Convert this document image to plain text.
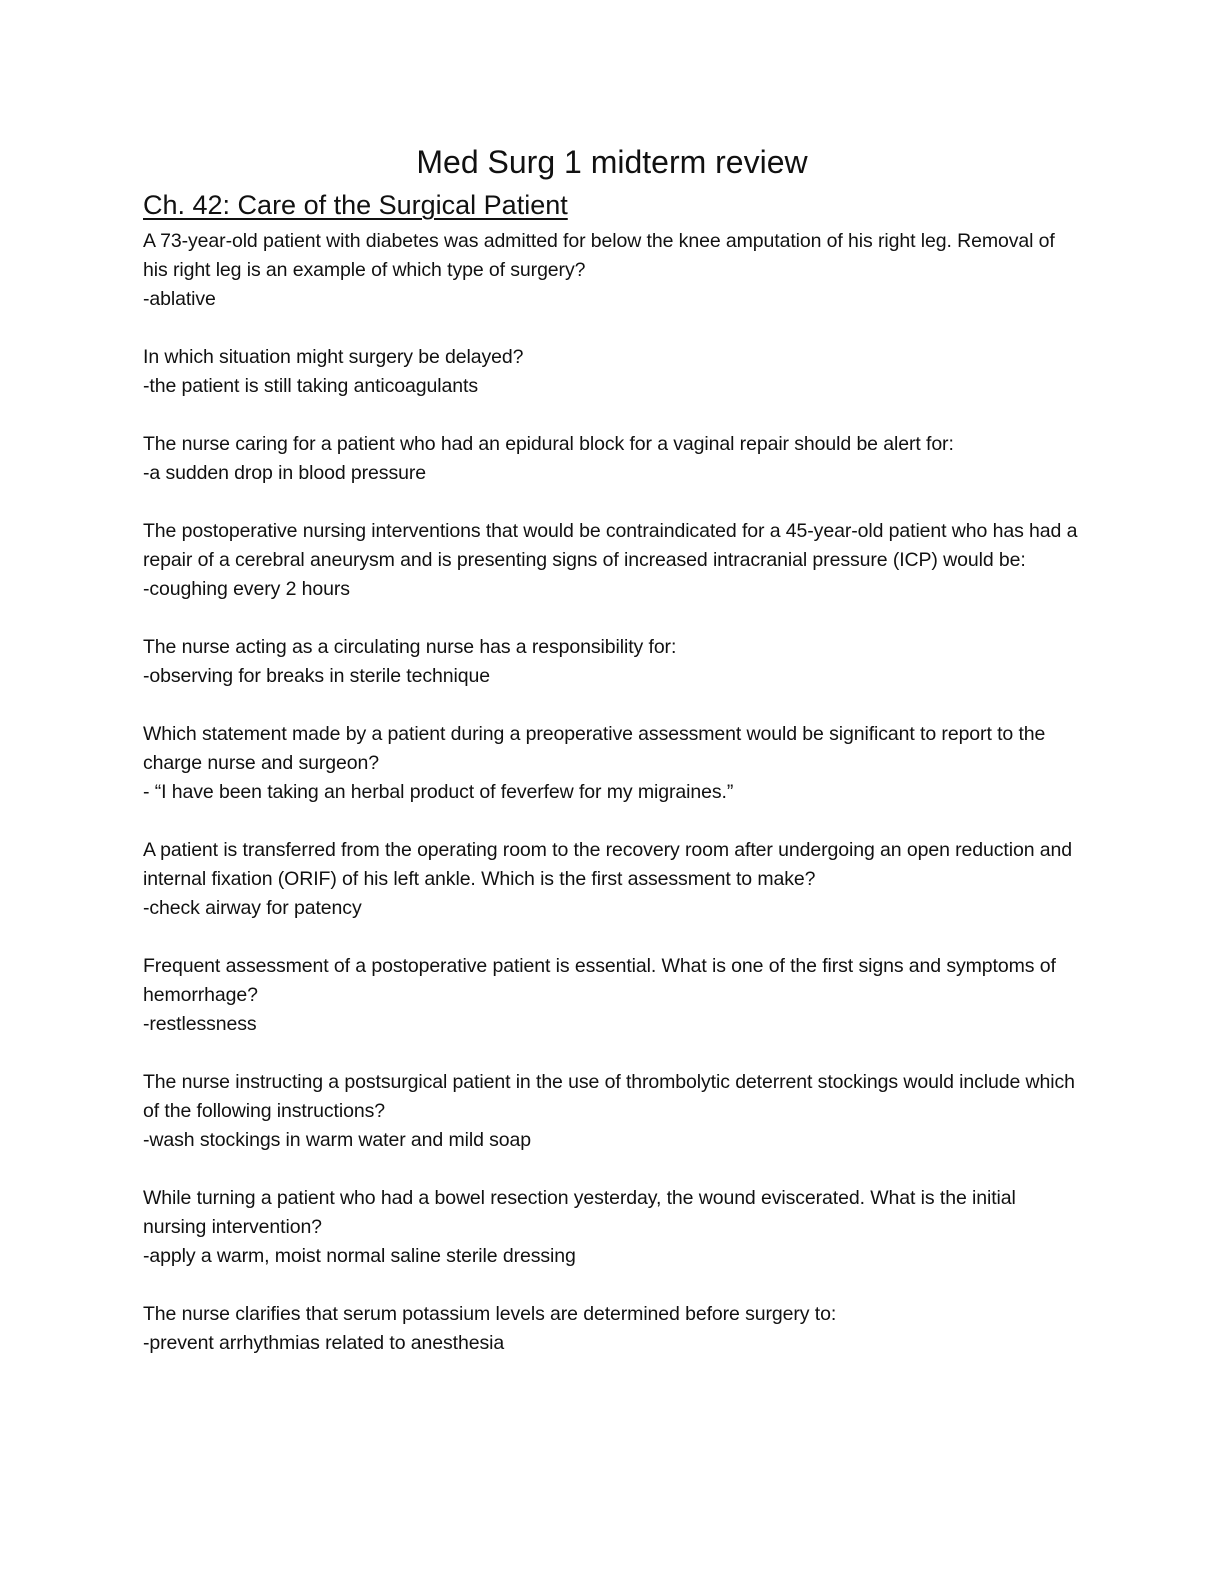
Med Surg 1 midterm review
Ch. 42: Care of the Surgical Patient

A 73-year-old patient with diabetes was admitted for below the knee amputation of his right leg. Removal of his right leg is an example of which type of surgery?

-ablative

In which situation might surgery be delayed?

-the patient is still taking anticoagulants

The nurse caring for a patient who had an epidural block for a vaginal repair should be alert for:

-a sudden drop in blood pressure

The postoperative nursing interventions that would be contraindicated for a 45-year-old patient who has had a repair of a cerebral aneurysm and is presenting signs of increased intracranial pressure (ICP) would be:

-coughing every 2 hours

The nurse acting as a circulating nurse has a responsibility for:

-observing for breaks in sterile technique

Which statement made by a patient during a preoperative assessment would be significant to report to the charge nurse and surgeon?

- “I have been taking an herbal product of feverfew for my migraines.”

A patient is transferred from the operating room to the recovery room after undergoing an open reduction and internal fixation (ORIF) of his left ankle. Which is the first assessment to make?

-check airway for patency

Frequent assessment of a postoperative patient is essential. What is one of the first signs and symptoms of hemorrhage?

-restlessness

The nurse instructing a postsurgical patient in the use of thrombolytic deterrent stockings would include which of the following instructions?

-wash stockings in warm water and mild soap

While turning a patient who had a bowel resection yesterday, the wound eviscerated. What is the initial nursing intervention?

-apply a warm, moist normal saline sterile dressing

The nurse clarifies that serum potassium levels are determined before surgery to:

-prevent arrhythmias related to anesthesia
